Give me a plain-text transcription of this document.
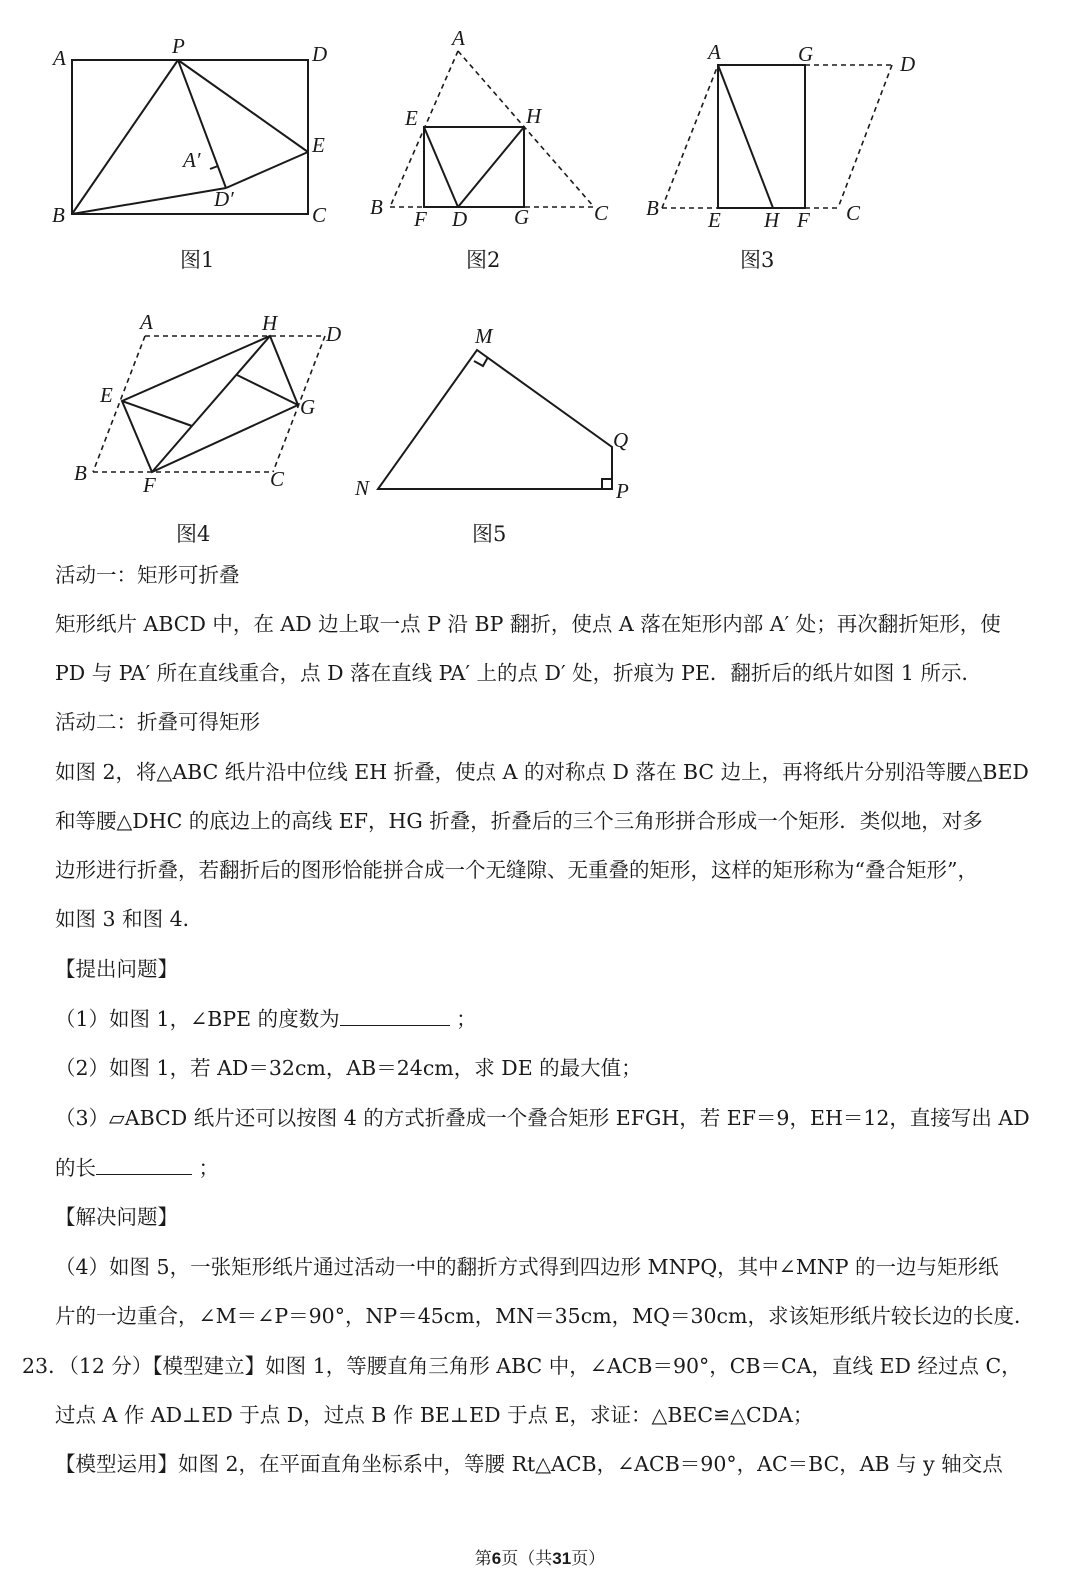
A	P	D
E
A′
D′
B	C
图1
A
E	H
B F D G	C
图2
A	G	D
B E H F C
图3
A	H D
E	G
B	F	C
图4
M
Q
N	P
图5
活动一：矩形可折叠
矩形纸片 ABCD 中，在 AD 边上取一点 P 沿 BP 翻折，使点 A 落在矩形内部 A′ 处；再次翻折矩形，使
PD 与 PA′ 所在直线重合，点 D 落在直线 PA′ 上的点 D′ 处，折痕为 PE．翻折后的纸片如图 1 所示．
活动二：折叠可得矩形
如图 2，将△ABC 纸片沿中位线 EH 折叠，使点 A 的对称点 D 落在 BC 边上，再将纸片分别沿等腰△BED
和等腰△DHC 的底边上的高线 EF，HG 折叠，折叠后的三个三角形拼合形成一个矩形．类似地，对多
边形进行折叠，若翻折后的图形恰能拼合成一个无缝隙、无重叠的矩形，这样的矩形称为“叠合矩形”，
如图 3 和图 4．
【提出问题】
（1）如图 1，∠BPE 的度数为	；
（2）如图 1，若 AD＝32cm，AB＝24cm，求 DE 的最大值；
（3）▱ABCD 纸片还可以按图 4 的方式折叠成一个叠合矩形 EFGH，若 EF＝9，EH＝12，直接写出 AD
的长	；
【解决问题】
（4）如图 5，一张矩形纸片通过活动一中的翻折方式得到四边形 MNPQ，其中∠MNP 的一边与矩形纸
片的一边重合，∠M＝∠P＝90°，NP＝45cm，MN＝35cm，MQ＝30cm，求该矩形纸片较长边的长度．
23．（12 分）【模型建立】如图 1，等腰直角三角形 ABC 中，∠ACB＝90°，CB＝CA，直线 ED 经过点 C，
过点 A 作 AD⊥ED 于点 D，过点 B 作 BE⊥ED 于点 E，求证：△BEC≌△CDA；
【模型运用】如图 2，在平面直角坐标系中，等腰 Rt△ACB，∠ACB＝90°，AC＝BC，AB 与 y 轴交点
第6页（共31页）
